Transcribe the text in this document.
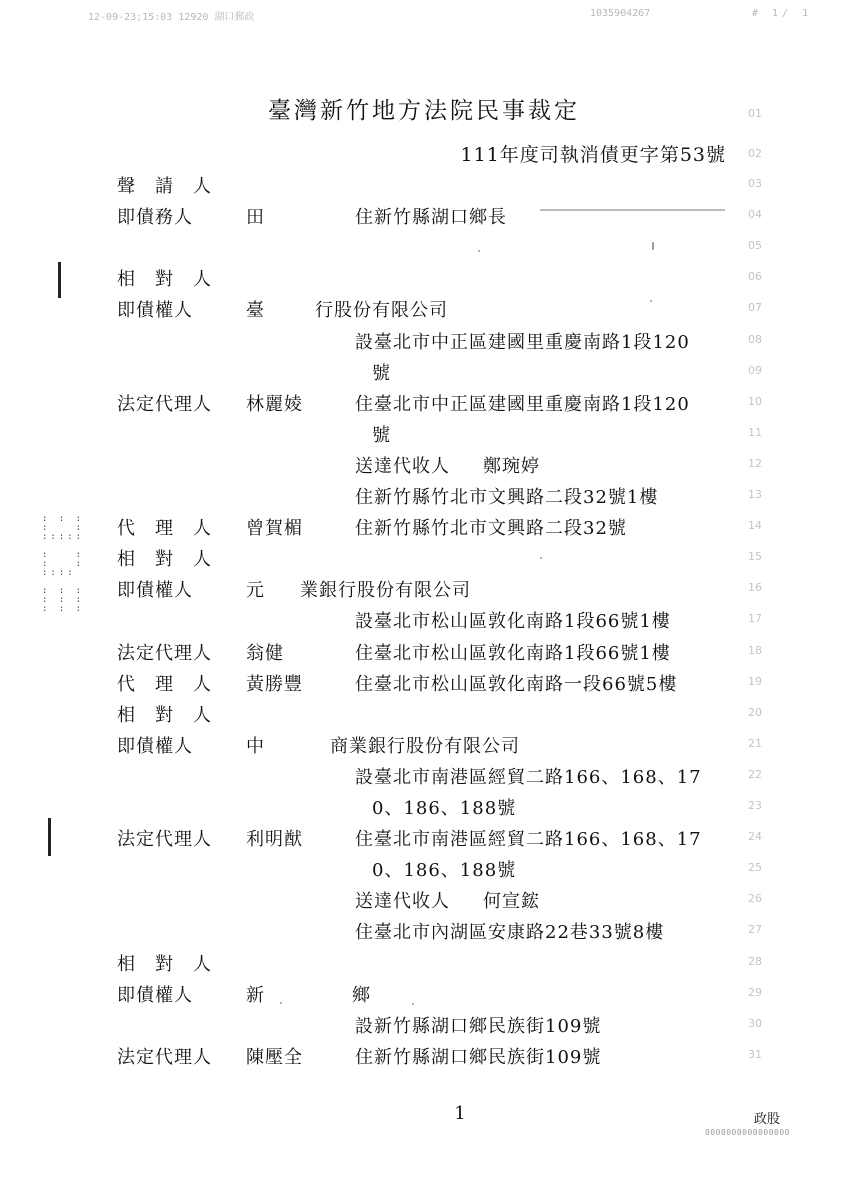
12-09-23;15:03 12920 湖口郵政	1035904267	# 1/ 1
臺灣新竹地方法院民事裁定
111年度司執消債更字第53號
01
02
聲　請　人	03
即債務人	田	住新竹縣湖口鄉長	04
05
相　對　人	06
即債權人	臺	行股份有限公司	07
設臺北市中正區建國里重慶南路1段120	08
號	09
法定代理人 林麗婈	住臺北市中正區建國里重慶南路1段120	10
號	11
送達代收人 鄭琬婷	12
住新竹縣竹北市文興路二段32號1樓	13
代　理　人 曾賀楣	住新竹縣竹北市文興路二段32號	14
相　對　人	15
即債權人	元 業銀行股份有限公司	16
設臺北市松山區敦化南路1段66號1樓	17
法定代理人 翁健	住臺北市松山區敦化南路1段66號1樓	18
代　理　人 黃勝豐	住臺北市松山區敦化南路一段66號5樓	19
相　對　人	20
即債權人	中	商業銀行股份有限公司	21
設臺北市南港區經貿二路166、168、17	22
0、186、188號	23
法定代理人 利明猷	住臺北市南港區經貿二路166、168、17	24
0、186、188號	25
送達代收人 何宣鋐	26
住臺北市內湖區安康路22巷33號8樓	27
相　對　人	28
即債權人	新	鄉	29
設新竹縣湖口鄉民族街109號	30
法定代理人 陳壓全	住新竹縣湖口鄉民族街109號	31
1	政股
0000000000000000
: : :
:   :
:::::

:   :
:   :
::::

: : :
: : :
: : :
